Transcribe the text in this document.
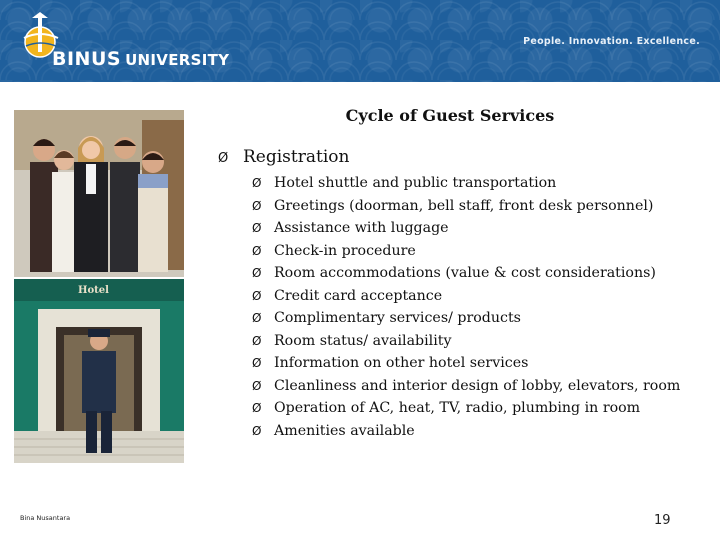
BINUS UNIVERSITY
People. Innovation. Excellence.
Hotel
Cycle of Guest Services
Ø Registration
Ø Hotel shuttle and public transportation
Ø Greetings (doorman, bell staff, front desk personnel)
Ø Assistance with luggage
Ø Check-in procedure
Ø Room accommodations (value & cost considerations)
Ø Credit card acceptance
Ø Complimentary services/ products
Ø Room status/ availability
Ø Information on other hotel services
Ø Cleanliness and interior design of lobby, elevators, room
Ø Operation of AC, heat, TV, radio, plumbing in room
Ø Amenities available
Bina Nusantara	19
